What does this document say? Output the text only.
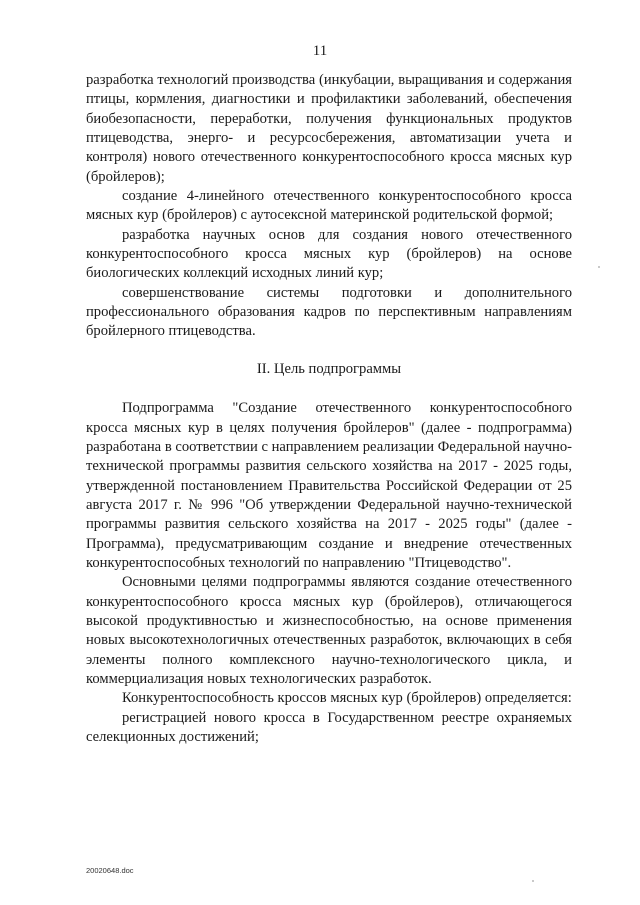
11

разработка технологий производства (инкубации, выращивания и содержания птицы, кормления, диагностики и профилактики заболеваний, обеспечения биобезопасности, переработки, получения функциональных продуктов птицеводства, энерго- и ресурсосбережения, автоматизации учета и контроля) нового отечественного конкурентоспособного кросса мясных кур (бройлеров);

создание 4-линейного отечественного конкурентоспособного кросса мясных кур (бройлеров) с аутосексной материнской родительской формой;

разработка научных основ для создания нового отечественного конкурентоспособного кросса мясных кур (бройлеров) на основе биологических коллекций исходных линий кур;

совершенствование системы подготовки и дополнительного профессионального образования кадров по перспективным направлениям бройлерного птицеводства.

II. Цель подпрограммы

Подпрограмма "Создание отечественного конкурентоспособного кросса мясных кур в целях получения бройлеров" (далее - подпрограмма) разработана в соответствии с направлением реализации Федеральной научно-технической программы развития сельского хозяйства на 2017 - 2025 годы, утвержденной постановлением Правительства Российской Федерации от 25 августа 2017 г. № 996 "Об утверждении Федеральной научно-технической программы развития сельского хозяйства на 2017 - 2025 годы" (далее - Программа), предусматривающим создание и внедрение отечественных конкурентоспособных технологий по направлению "Птицеводство".

Основными целями подпрограммы являются создание отечественного конкурентоспособного кросса мясных кур (бройлеров), отличающегося высокой продуктивностью и жизнеспособностью, на основе применения новых высокотехнологичных отечественных разработок, включающих в себя элементы полного комплексного научно-технологического цикла, и коммерциализация новых технологических разработок.

Конкурентоспособность кроссов мясных кур (бройлеров) определяется:

регистрацией нового кросса в Государственном реестре охраняемых селекционных достижений;

20020648.doc
